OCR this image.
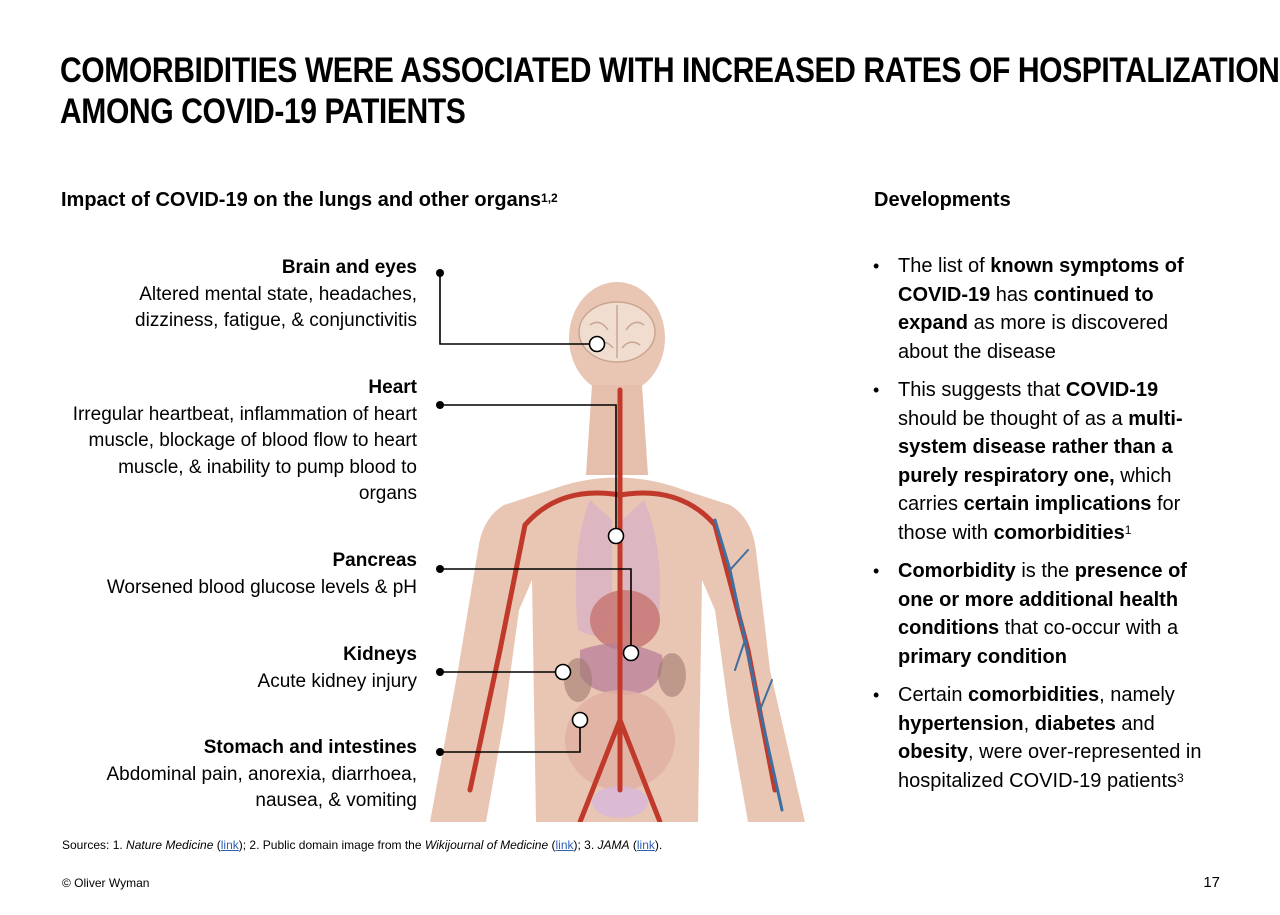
COMORBIDITIES WERE ASSOCIATED WITH INCREASED RATES OF HOSPITALIZATION
AMONG COVID-19 PATIENTS
Impact of COVID-19 on the lungs and other organs$^{1,2}$	Developments
Brain and eyes
Altered mental state, headaches, dizziness, fatigue, & conjunctivitis
Heart
Irregular heartbeat, inflammation of heart muscle, blockage of blood flow to heart muscle, & inability to pump blood to organs
Pancreas
Worsened blood glucose levels & pH
Kidneys
Acute kidney injury
Stomach and intestines
Abdominal pain, anorexia, diarrhoea, nausea, & vomiting
• The list of known symptoms of COVID-19 has continued to expand as more is discovered about the disease
• This suggests that COVID-19 should be thought of as a multi-system disease rather than a purely respiratory one, which carries certain implications for those with comorbidities$^1$
• Comorbidity is the presence of one or more additional health conditions that co-occur with a primary condition
• Certain comorbidities, namely hypertension, diabetes and obesity, were over-represented in hospitalized COVID-19 patients$^3$
Sources: 1. Nature Medicine (link); 2. Public domain image from the Wikijournal of Medicine (link); 3. JAMA (link).
© Oliver Wyman	17
